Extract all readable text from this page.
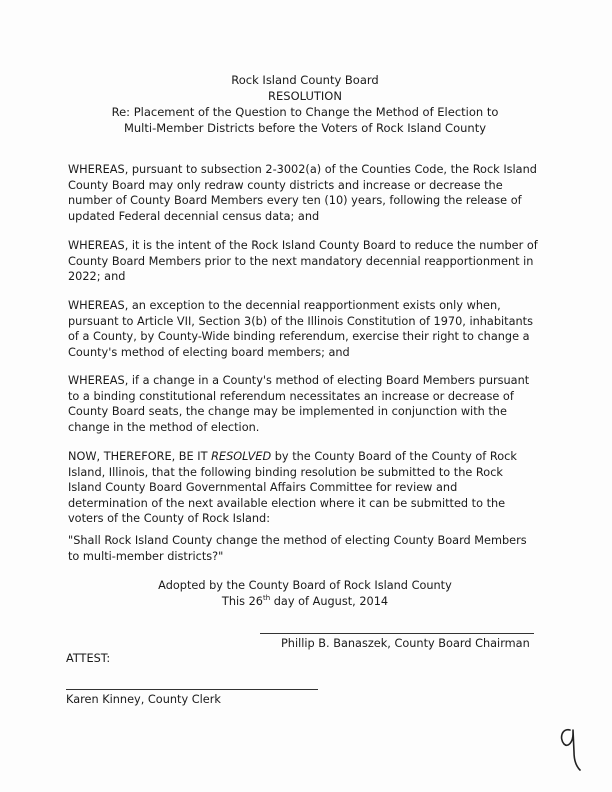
Rock Island County Board
RESOLUTION
Re: Placement of the Question to Change the Method of Election to
Multi-Member Districts before the Voters of Rock Island County

WHEREAS, pursuant to subsection 2-3002(a) of the Counties Code, the Rock Island County Board may only redraw county districts and increase or decrease the number of County Board Members every ten (10) years, following the release of updated Federal decennial census data; and

WHEREAS, it is the intent of the Rock Island County Board to reduce the number of County Board Members prior to the next mandatory decennial reapportionment in 2022; and

WHEREAS, an exception to the decennial reapportionment exists only when, pursuant to Article VII, Section 3(b) of the Illinois Constitution of 1970, inhabitants of a County, by County-Wide binding referendum, exercise their right to change a County's method of electing board members; and

WHEREAS, if a change in a County's method of electing Board Members pursuant to a binding constitutional referendum necessitates an increase or decrease of County Board seats, the change may be implemented in conjunction with the change in the method of election.

NOW, THEREFORE, BE IT RESOLVED by the County Board of the County of Rock Island, Illinois, that the following binding resolution be submitted to the Rock Island County Board Governmental Affairs Committee for review and determination of the next available election where it can be submitted to the voters of the County of Rock Island:

"Shall Rock Island County change the method of electing County Board Members to multi-member districts?"

Adopted by the County Board of Rock Island County
This 26th day of August, 2014
Phillip B. Banaszek, County Board Chairman
ATTEST:
Karen Kinney, County Clerk
